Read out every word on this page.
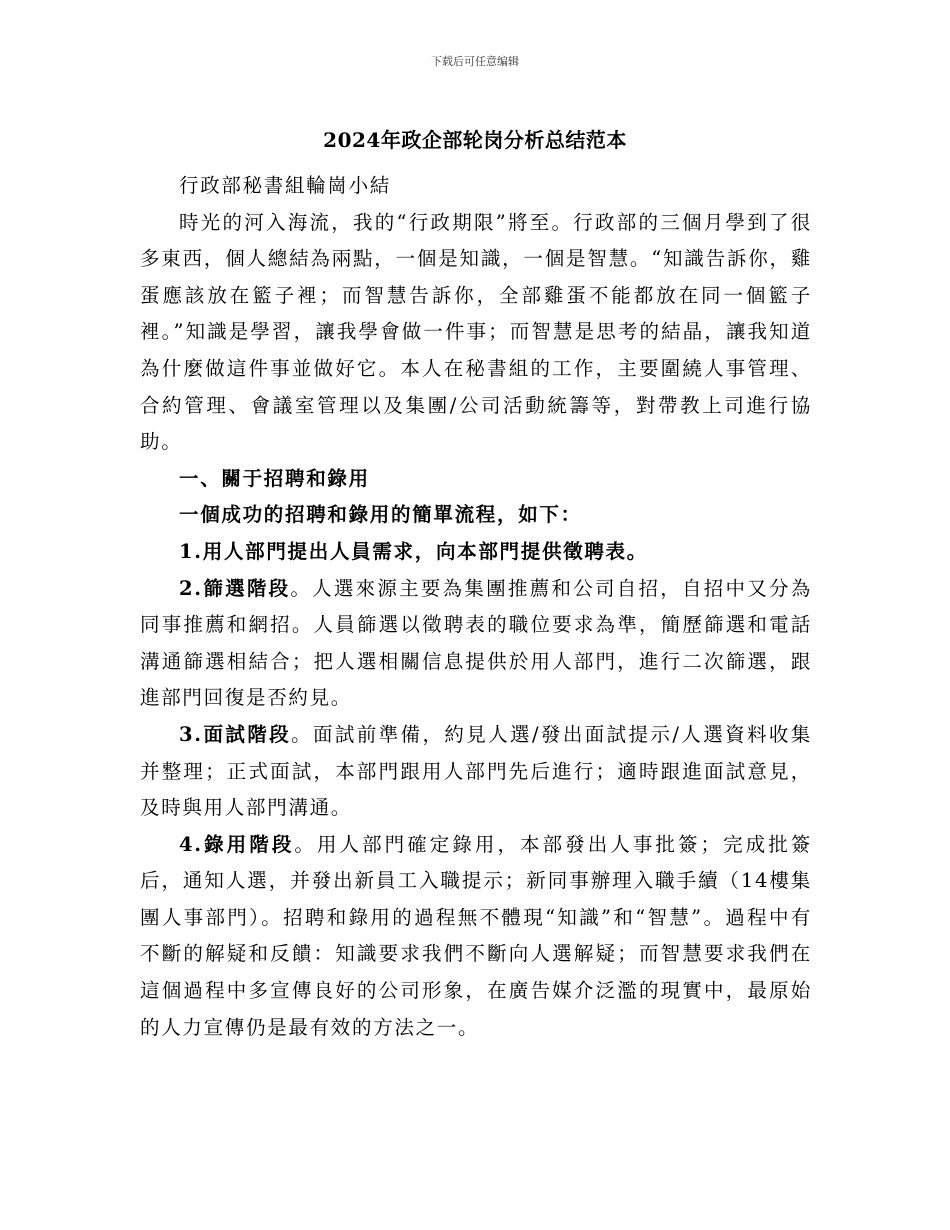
下载后可任意编辑
2024年政企部轮岗分析总结范本

行政部秘書組輪崗小結

時光的河入海流，我的“行政期限”將至。行政部的三個月學到了很多東西，個人總結為兩點，一個是知識，一個是智慧。“知識告訴你，雞蛋應該放在籃子裡；而智慧告訴你，全部雞蛋不能都放在同一個籃子裡。”知識是學習，讓我學會做一件事；而智慧是思考的結晶，讓我知道為什麼做這件事並做好它。本人在秘書組的工作，主要圍繞人事管理、合約管理、會議室管理以及集團/公司活動統籌等，對帶教上司進行協助。

一、關于招聘和錄用

一個成功的招聘和錄用的簡單流程，如下：

1.用人部門提出人員需求，向本部門提供徵聘表。

2.篩選階段。人選來源主要為集團推薦和公司自招，自招中又分為同事推薦和網招。人員篩選以徵聘表的職位要求為準，簡歷篩選和電話溝通篩選相結合；把人選相關信息提供於用人部門，進行二次篩選，跟進部門回復是否約見。

3.面試階段。面試前準備，約見人選/發出面試提示/人選資料收集并整理；正式面試，本部門跟用人部門先后進行；適時跟進面試意見，及時與用人部門溝通。

4.錄用階段。用人部門確定錄用，本部發出人事批簽；完成批簽后，通知人選，并發出新員工入職提示；新同事辦理入職手續（14樓集團人事部門）。招聘和錄用的過程無不體現“知識”和“智慧”。過程中有不斷的解疑和反饋：知識要求我們不斷向人選解疑；而智慧要求我們在這個過程中多宣傳良好的公司形象，在廣告媒介泛濫的現實中，最原始的人力宣傳仍是最有效的方法之一。
